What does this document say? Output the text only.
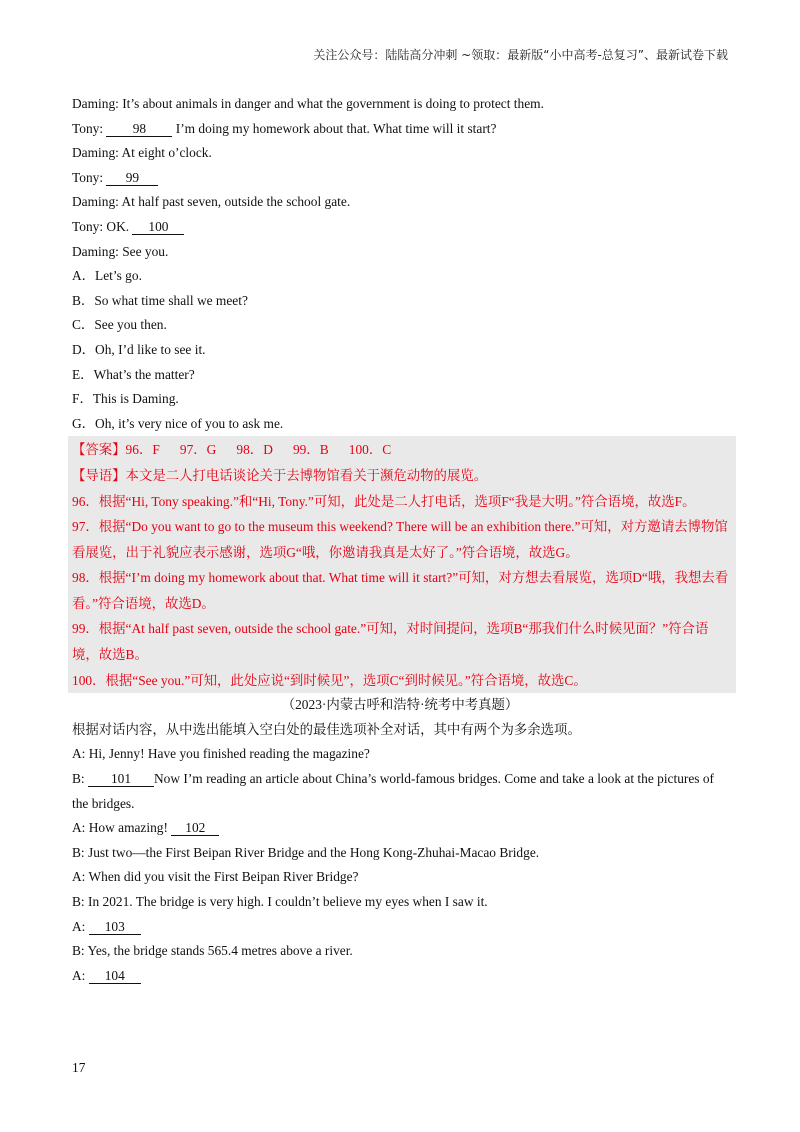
关注公众号：陆陆高分冲刺 ~领取：最新版“小中高考-总复习”、最新试卷下载

Daming: It’s about animals in danger and what the government is doing to protect them.

Tony: 98 I’m doing my homework about that. What time will it start?

Daming: At eight o’clock.

Tony: 99

Daming: At half past seven, outside the school gate.

Tony: OK. 100

Daming: See you.

A．Let’s go.

B．So what time shall we meet?

C．See you then.

D．Oh, I’d like to see it.

E．What’s the matter?

F．This is Daming.

G．Oh, it’s very nice of you to ask me.

【答案】96．F      97．G      98．D      99．B      100．C

【导语】本文是二人打电话谈论关于去博物馆看关于濒危动物的展览。

96．根据“Hi, Tony speaking.”和“Hi, Tony.”可知，此处是二人打电话，选项F“我是大明。”符合语境，故选F。

97．根据“Do you want to go to the museum this weekend? There will be an exhibition there.”可知，对方邀请去博物馆看展览，出于礼貌应表示感谢，选项G“哦，你邀请我真是太好了。”符合语境，故选G。

98．根据“I’m doing my homework about that. What time will it start?”可知，对方想去看展览，选项D“哦，我想去看看。”符合语境，故选D。

99．根据“At half past seven, outside the school gate.”可知，对时间提问，选项B“那我们什么时候见面？”符合语境，故选B。

100．根据“See you.”可知，此处应说“到时候见”，选项C“到时候见。”符合语境，故选C。

（2023·内蒙古呼和浩特·统考中考真题）

根据对话内容，从中选出能填入空白处的最佳选项补全对话，其中有两个为多余选项。

A: Hi, Jenny! Have you finished reading the magazine?

B: 101 Now I’m reading an article about China’s world-famous bridges. Come and take a look at the pictures of the bridges.

A: How amazing! 102

B: Just two—the First Beipan River Bridge and the Hong Kong-Zhuhai-Macao Bridge.

A: When did you visit the First Beipan River Bridge?

B: In 2021. The bridge is very high. I couldn’t believe my eyes when I saw it.

A: 103

B: Yes, the bridge stands 565.4 metres above a river.

A: 104

17
